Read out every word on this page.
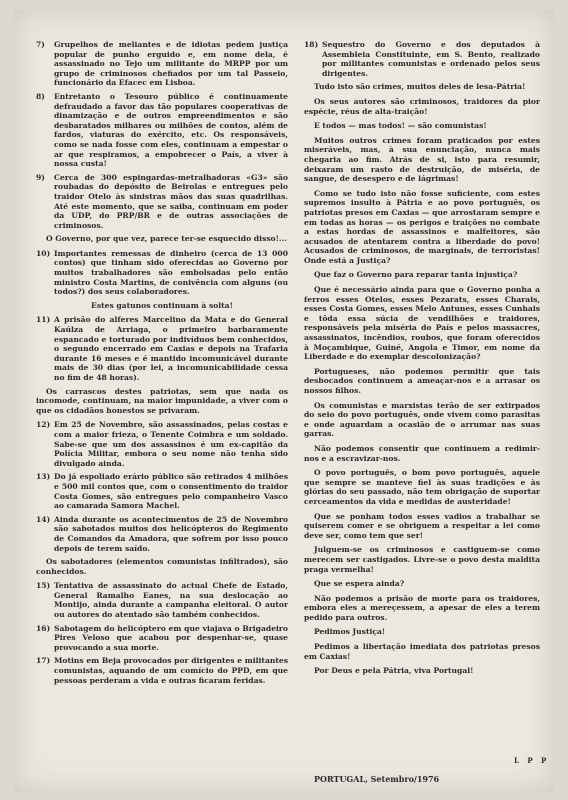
7)	Grupelhos de meliantes e de idiotas pedem justiça popular de punho erguido e, em nome dela, é assassinado no Tejo um militante do MRPP por um grupo de criminosos chefiados por um tal Passeio, funcionário da Efacec em Lisboa.
8)	Entretanto o Tesouro público é continuamente defraudado a favor das tão populares cooperativas de dinamização e de outros empreendimentos e são desbaratados milhares ou milhões de contos, além de fardos, viaturas do exército, etc. Os responsáveis, como se nada fosse com eles, continuam a empestar o ar que respiramos, a empobrecer o País, a viver à nossa custa!
9)	Cerca de 300 espingardas-metralhadoras «G3» são roubadas do depósito de Beirolas e entregues pelo traidor Otelo às sinistras mãos das suas quadrilhas. Até este momento, que se saiba, continuam em poder da UDP, do PRP/BR e de outras associações de criminosos.
O Governo, por que vez, parece ter-se esquecido disso!...
10) Importantes remessas de dinheiro (cerca de 13 000 contos) que tinham sido oferecidas ao Governo por muitos trabalhadores são embolsadas pelo então ministro Costa Martins, de conivência com alguns (ou todos?) dos seus colaboradores.
Estes gatunos continuam à solta!
11) A prisão do alferes Marcelino da Mata e do General Kaúlza de Arriaga, o primeiro barbaramente espancado e torturado por indivíduos bem conhecidos, o segundo encerrado em Caxias e depois na Trafaria durante 16 meses e é mantido incomunicável durante mais de 30 dias (por lei, a incomunicabilidade cessa no fim de 48 horas).
Os carrascos destes patriotas, sem que nada os incomode, continuam, na maior impunidade, a viver com o que os cidadãos honestos se privaram.
12) Em 25 de Novembro, são assassinados, pelas costas e com a maior frieza, o Tenente Coimbra e um soldado. Sabe-se que um dos assassinos é um ex-capitão da Polícia Militar, embora o seu nome não tenha sido divulgado ainda.
13) Do já espoliado erário público são retirados 4 milhões e 500 mil contos que, com o consentimento do traidor Costa Gomes, são entregues pelo companheiro Vasco ao camarada Samora Machel.
14) Ainda durante os acontecimentos de 25 de Novembro são sabotados muitos dos helicópteros do Regimento de Comandos da Amadora, que sofrem por isso pouco depois de terem saído.
Os sabotadores (elementos comunistas infiltrados), são conhecidos.
15) Tentativa de assassinato do actual Chefe de Estado, General Ramalho Eanes, na sua deslocação ao Montijo, ainda durante a campanha eleitoral. O autor ou autores do atentado são também conhecidos.
16) Sabotagem do helicóptero em que viajava o Brigadeiro Pires Veloso que acabou por despenhar-se, quase provocando a sua morte.
17) Motins em Beja provocados por dirigentes e militantes comunistas, aquando de um comício do PPD, em que pessoas perderam a vida e outras ficaram feridas.
18) Sequestro do Governo e dos deputados à Assembleia Constituinte, em S. Bento, realizado por militantes comunistas e ordenado pelos seus dirigentes.
Tudo isto são crimes, muitos deles de lesa-Pátria!
Os seus autores são criminosos, traidores da pior espécie, réus de alta-traição!
E todos — mas todos! — são comunistas!
Muitos outros crimes foram praticados por estes miseráveis, mas, à sua enunciação, nunca mais chegaria ao fim. Atrás de si, isto para resumir, deixaram um rasto de destruição, de miséria, de sangue, de desespero e de lágrimas!
Como se tudo isto não fosse suficiente, com estes supremos insulto à Pátria e ao povo português, os patriotas presos em Caxias — que arrostaram sempre e em todas as horas — os perigos e traições no combate a estas hordas de assassinos e malfeitores, são acusados de atentarem contra a liberdade do povo! Acusados de criminosos, de marginais, de terroristas! Onde está a Justiça?
Que faz o Governo para reparar tanta injustiça?
Que é necessário ainda para que o Governo ponha a ferros esses Otelos, esses Pezarats, esses Charais, esses Costa Gomes, esses Melo Antunes, esses Cunhais e tôda essa súcia de vendilhões e traidores, responsáveis pela miséria do País e pelos massacres, assassinatos, incêndios, roubos, que foram oferecidos à Moçambique, Guiné, Angola e Timor, em nome da Liberdade e do exemplar descolonização?
Portugueses, não podemos permitir que tais desbocados continuem a ameaçar-nos e a arrasar os nossos filhos.
Os comunistas e marxistas terão de ser extirpados do seio do povo português, onde vivem como parasitas e onde aguardam a ocasião de o arrumar nas suas garras.
Não podemos consentir que continuem a redimir-nos e a escravizar-nos.
O povo português, o bom povo português, aquele que sempre se manteve fiel às suas tradições e às glórias do seu passado, não tem obrigação de suportar cerceamentos da vida e medidas de austeridade!
Que se ponham todos esses vadios a trabalhar se quiserem comer e se obriguem a respeitar a lei como deve ser, como tem que ser!
Julguem-se os criminosos e castiguem-se como merecem ser castigados. Livre-se o povo desta maldita praga vermelha!
Que se espera ainda?
Não podemos a prisão de morte para os traidores, embora eles a mereçessem, a apesar de eles a terem pedido para outros.
Pedimos Justiça!
Pedimos a libertação imediata dos patriotas presos em Caxias!
Por Deus e pela Pátria, viva Portugal!
L P P
PORTUGAL, Setembro/1976
